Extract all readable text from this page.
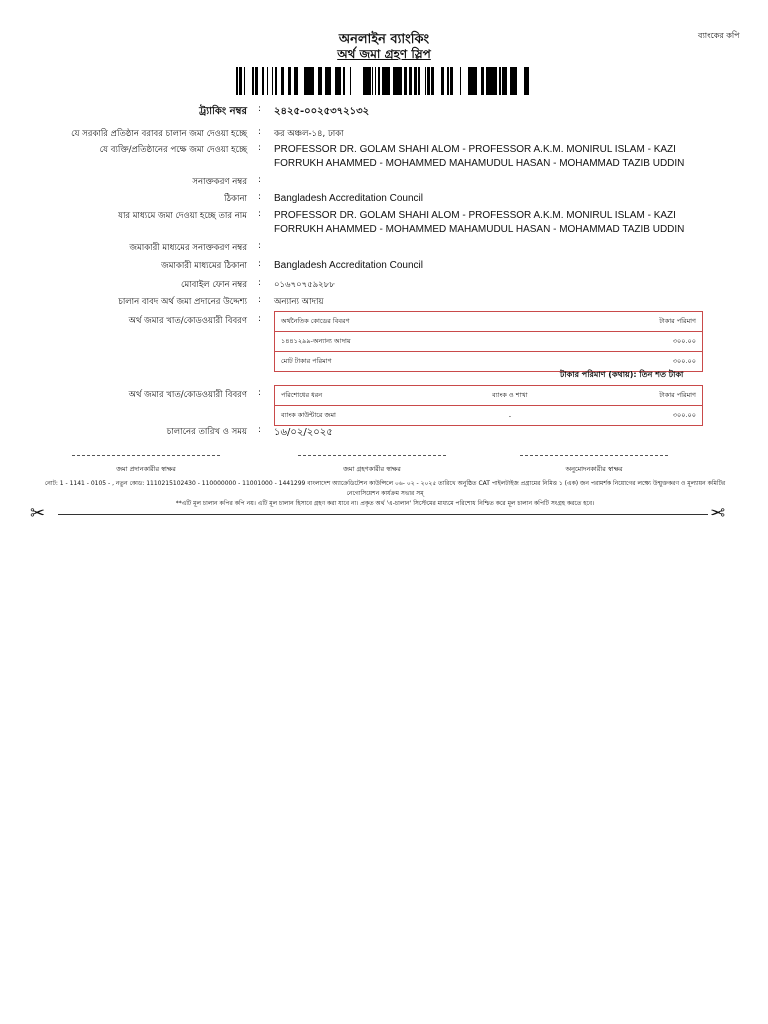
ব্যাংকের কপি
অনলাইন ব্যাংকিং
অর্থ জমা গ্রহণ স্লিপ
ট্র্যাকিং নম্বর : ২৪২৫-০০২৫৩৭২১৩২
যে সরকারি প্রতিষ্ঠান বরাবর চালান জমা দেওয়া হচ্ছে : কর অঞ্চল-১৪, ঢাকা
যে ব্যক্তি/প্রতিষ্ঠানের পক্ষে জমা দেওয়া হচ্ছে : PROFESSOR DR. GOLAM SHAHI ALOM - PROFESSOR A.K.M. MONIRUL ISLAM - KAZI FORRUKH AHAMMED - MOHAMMED MAHAMUDUL HASAN - MOHAMMAD TAZIB UDDIN
সনাক্তকরণ নম্বর :
ঠিকানা : Bangladesh Accreditation Council
যার মাধ্যমে জমা দেওয়া হচ্ছে তার নাম : PROFESSOR DR. GOLAM SHAHI ALOM - PROFESSOR A.K.M. MONIRUL ISLAM - KAZI FORRUKH AHAMMED - MOHAMMED MAHAMUDUL HASAN - MOHAMMAD TAZIB UDDIN
জমাকারী মাধ্যমের সনাক্তকরণ নম্বর :
জমাকারী মাধ্যমের ঠিকানা : Bangladesh Accreditation Council
মোবাইল ফোন নম্বর : ০১৬৭০৭৫৯২৮৮
চালান বাবদ অর্থ জমা প্রদানের উদ্দেশ্য : অন্যান্য আদায়
অর্থ জমার খাত/কোডওয়ারী বিবরণ :	অর্থনৈতিক কোডের বিবরণ	টাকার পরিমাণ
১৪৪১২৯৯-অন্যান্য আদায়	৩০০.০০
মোট টাকার পরিমাণ	৩০০.০০
টাকার পরিমাণ (কথায়): তিন শত টাকা
অর্থ জমার খাত/কোডওয়ারী বিবরণ :	পরিশোধের ধরন	ব্যাংক ও শাখা	টাকার পরিমাণ
ব্যাংক কাউন্টারে জমা	-	৩০০.০০
চালানের তারিখ ও সময় : ১৬/০২/২০২৫
জমা প্রদানকারীর স্বাক্ষর	জমা গ্রহণকারীর স্বাক্ষর	অনুমোদনকারীর স্বাক্ষর
নোট: 1 - 1141 - 0105 - , নতুন কোড: 1110215102430 - 110000000 - 11001000 - 1441299 বাংলাদেশ অ্যাক্রেডিটেশন কাউন্সিলে ০৬- ০২ - ২০২৫ তারিখে অনুষ্ঠিত CAT পাইলটাইজ প্রগ্রামের নিমিত্ত ১ (এক) জন পরামর্শক নিয়োগের লক্ষ্যে উন্মুক্তকরণ ও মূল্যায়ন কমিটির নেগোসিয়েশন কার্যক্রম সভার সম্
**এটি মূল চালান কপির কপি নয়। এটি মূল চালান হিসাবে গ্রহণ করা যাবে না। প্রকৃত অর্থ 'এ-চালান' সিস্টেমের মাধ্যমে পরিশোধ নিশ্চিত করে মূল চালান কপিটি সংগ্রহ করতে হবে।
✂	✂
